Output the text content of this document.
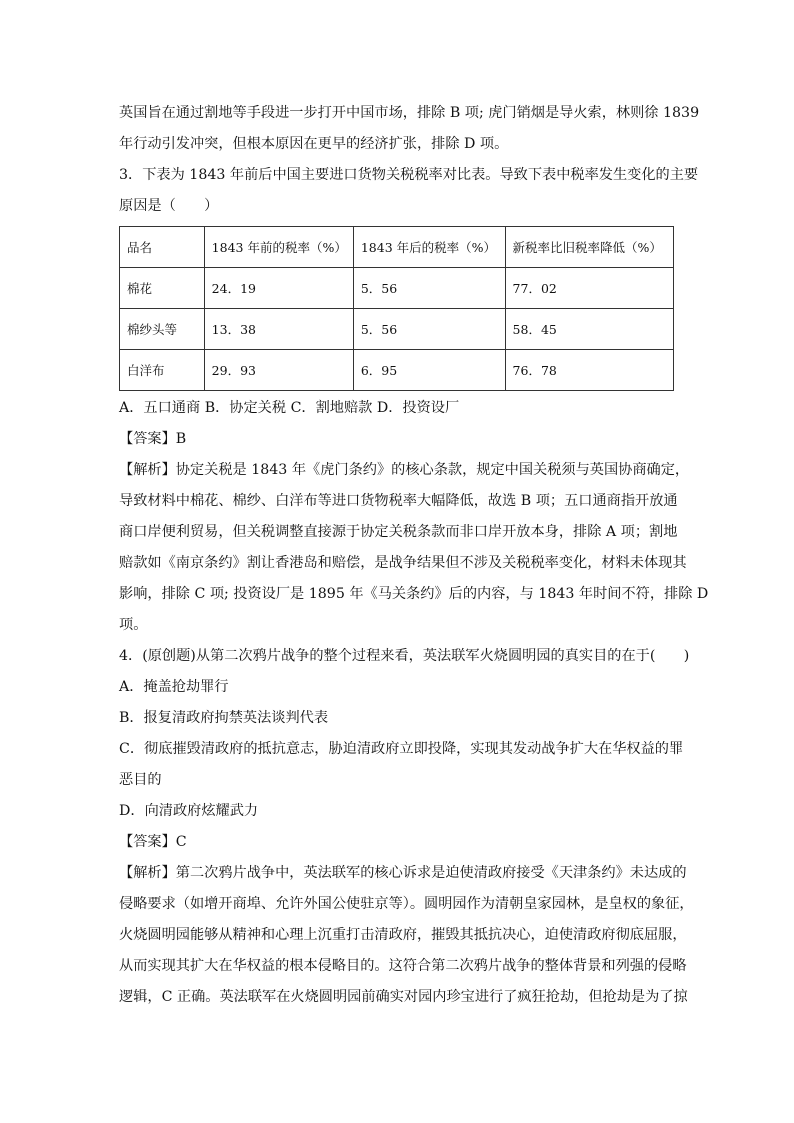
英国旨在通过割地等手段进一步打开中国市场，排除 B 项; 虎门销烟是导火索，林则徐 1839

年行动引发冲突，但根本原因在更早的经济扩张，排除 D 项。

3．下表为 1843 年前后中国主要进口货物关税税率对比表。导致下表中税率发生变化的主要

原因是（　　）

品名	1843 年前的税率（%）	1843 年后的税率（%）	新税率比旧税率降低（%）
棉花	24．19	5．56	77．02
棉纱头等	13．38	5．56	58．45
白洋布	29．93	6．95	76．78

A．五口通商 B．协定关税 C．割地赔款 D．投资设厂

【答案】B

【解析】协定关税是 1843 年《虎门条约》的核心条款，规定中国关税须与英国协商确定，

导致材料中棉花、棉纱、白洋布等进口货物税率大幅降低，故选 B 项；五口通商指开放通

商口岸便利贸易，但关税调整直接源于协定关税条款而非口岸开放本身，排除 A 项；割地

赔款如《南京条约》割让香港岛和赔偿，是战争结果但不涉及关税税率变化，材料未体现其

影响，排除 C 项; 投资设厂是 1895 年《马关条约》后的内容，与 1843 年时间不符，排除 D

项。

4．(原创题)从第二次鸦片战争的整个过程来看，英法联军火烧圆明园的真实目的在于(　　)

A．掩盖抢劫罪行

B．报复清政府拘禁英法谈判代表

C．彻底摧毁清政府的抵抗意志，胁迫清政府立即投降，实现其发动战争扩大在华权益的罪

恶目的

D．向清政府炫耀武力

【答案】C

【解析】第二次鸦片战争中，英法联军的核心诉求是迫使清政府接受《天津条约》未达成的

侵略要求（如增开商埠、允许外国公使驻京等）。圆明园作为清朝皇家园林，是皇权的象征，

火烧圆明园能够从精神和心理上沉重打击清政府，摧毁其抵抗决心，迫使清政府彻底屈服，

从而实现其扩大在华权益的根本侵略目的。这符合第二次鸦片战争的整体背景和列强的侵略

逻辑，C 正确。英法联军在火烧圆明园前确实对园内珍宝进行了疯狂抢劫，但抢劫是为了掠
